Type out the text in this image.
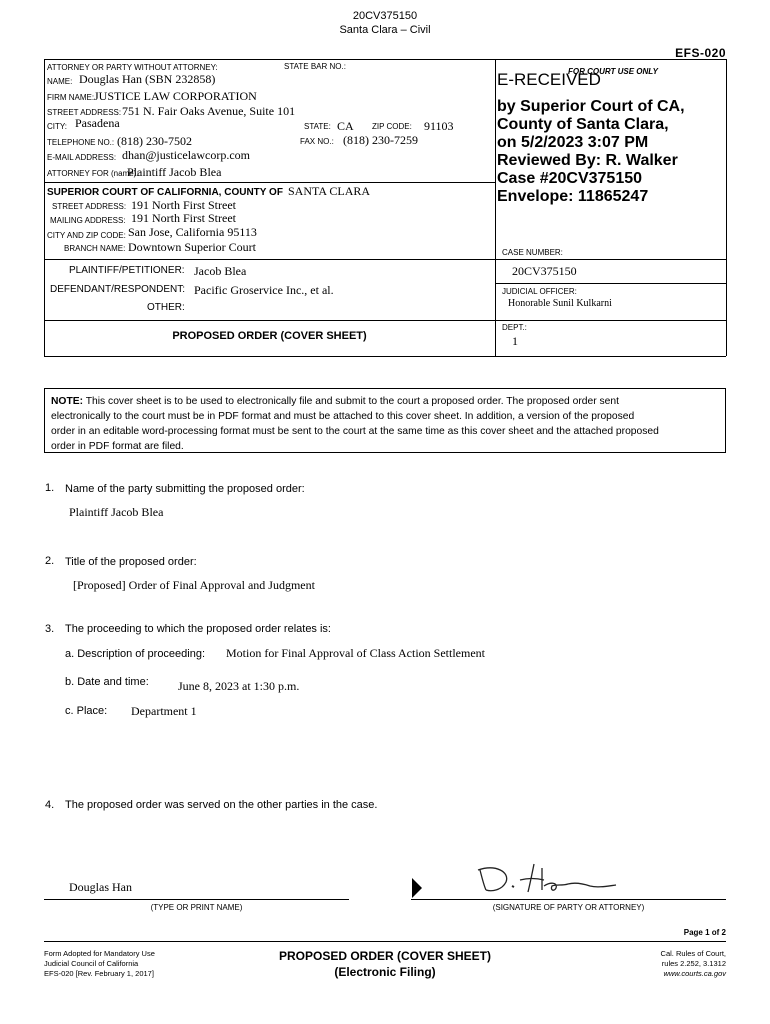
20CV375150
Santa Clara – Civil
EFS-020
ATTORNEY OR PARTY WITHOUT ATTORNEY:	STATE BAR NO.:
NAME: Douglas Han (SBN 232858)
FIRM NAME: JUSTICE LAW CORPORATION
STREET ADDRESS: 751 N. Fair Oaks Avenue, Suite 101
CITY: Pasadena	STATE: CA ZIP CODE: 91103
TELEPHONE NO.: (818) 230-7502	FAX NO.: (818) 230-7259
E-MAIL ADDRESS: dhan@justicelawcorp.com
ATTORNEY FOR (name):
Plaintiff Jacob Blea
SUPERIOR COURT OF CALIFORNIA, COUNTY OF SANTA CLARA
STREET ADDRESS: 191 North First Street
MAILING ADDRESS: 191 North First Street
CITY AND ZIP CODE: San Jose, California 95113
BRANCH NAME: Downtown Superior Court
PLAINTIFF/PETITIONER: Jacob Blea
DEFENDANT/RESPONDENT: Pacific Groservice Inc., et al.
OTHER:
PROPOSED ORDER (COVER SHEET)
FOR COURT USE ONLY
E-RECEIVED
by Superior Court of CA,
County of Santa Clara,
on 5/2/2023 3:07 PM
Reviewed By: R. Walker
Case #20CV375150
Envelope: 11865247
CASE NUMBER:
20CV375150
JUDICIAL OFFICER:
Honorable Sunil Kulkarni
DEPT.:
1
NOTE: This cover sheet is to be used to electronically file and submit to the court a proposed order. The proposed order sent
electronically to the court must be in PDF format and must be attached to this cover sheet. In addition, a version of the proposed
order in an editable word-processing format must be sent to the court at the same time as this cover sheet and the attached proposed
order in PDF format are filed.
1. Name of the party submitting the proposed order:
Plaintiff Jacob Blea
2. Title of the proposed order:
[Proposed] Order of Final Approval and Judgment
3. The proceeding to which the proposed order relates is:
a. Description of proceeding: Motion for Final Approval of Class Action Settlement
b. Date and time: June 8, 2023 at 1:30 p.m.
c. Place: Department 1
4. The proposed order was served on the other parties in the case.
Douglas Han
(TYPE OR PRINT NAME)	(SIGNATURE OF PARTY OR ATTORNEY)
Page 1 of 2
Form Adopted for Mandatory Use
Judicial Council of California
EFS-020 [Rev. February 1, 2017]
PROPOSED ORDER (COVER SHEET)
(Electronic Filing)
Cal. Rules of Court,
rules 2.252, 3.1312
www.courts.ca.gov
